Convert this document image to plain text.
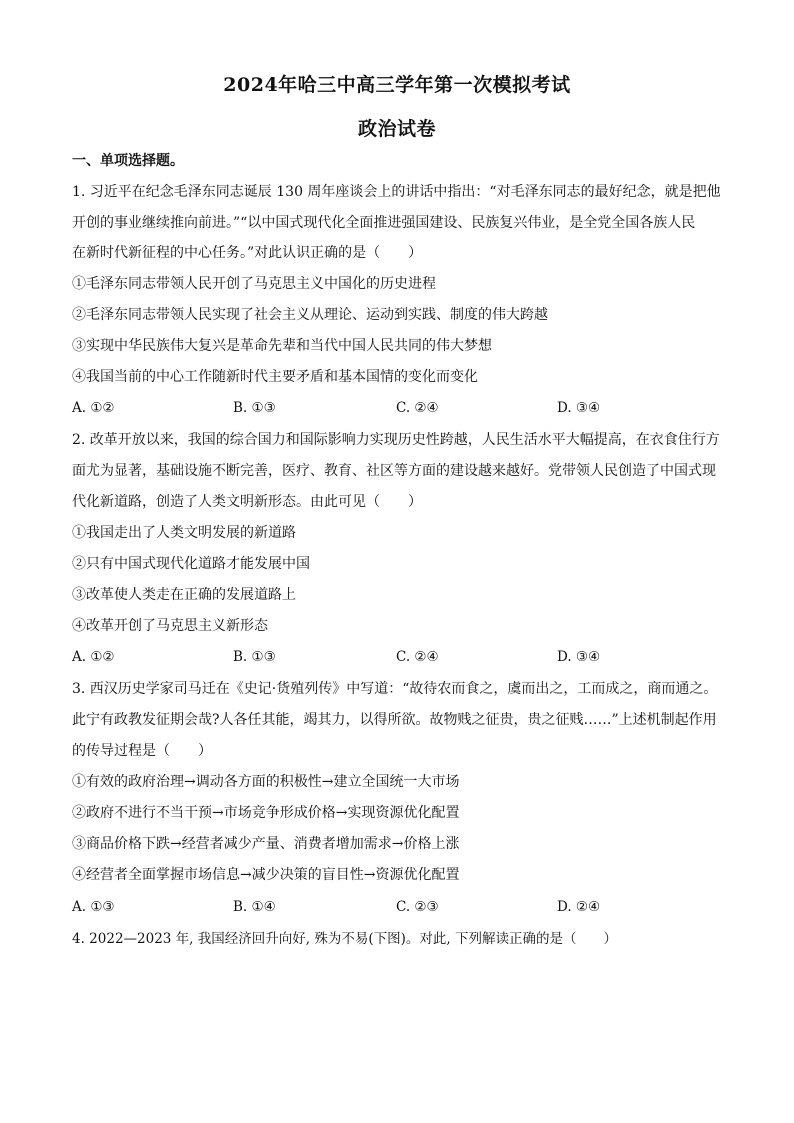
2024年哈三中高三学年第一次模拟考试
政治试卷
一、单项选择题。
1. 习近平在纪念毛泽东同志诞辰 130 周年座谈会上的讲话中指出：“对毛泽东同志的最好纪念，就是把他
开创的事业继续推向前进。”“以中国式现代化全面推进强国建设、民族复兴伟业，是全党全国各族人民
在新时代新征程的中心任务。”对此认识正确的是（　　）
①毛泽东同志带领人民开创了马克思主义中国化的历史进程
②毛泽东同志带领人民实现了社会主义从理论、运动到实践、制度的伟大跨越
③实现中华民族伟大复兴是革命先辈和当代中国人民共同的伟大梦想
④我国当前的中心工作随新时代主要矛盾和基本国情的变化而变化
A. ①②	B. ①③	C. ②④	D. ③④
2. 改革开放以来，我国的综合国力和国际影响力实现历史性跨越，人民生活水平大幅提高，在衣食住行方
面尤为显著，基础设施不断完善，医疗、教育、社区等方面的建设越来越好。党带领人民创造了中国式现
代化新道路，创造了人类文明新形态。由此可见（　　）
①我国走出了人类文明发展的新道路
②只有中国式现代化道路才能发展中国
③改革使人类走在正确的发展道路上
④改革开创了马克思主义新形态
A. ①②	B. ①③	C. ②④	D. ③④
3. 西汉历史学家司马迁在《史记·货殖列传》中写道：“故待农而食之，虞而出之，工而成之，商而通之。
此宁有政教发征期会哉?人各任其能，竭其力，以得所欲。故物贱之征贵，贵之征贱……”上述机制起作用
的传导过程是（　　）
①有效的政府治理→调动各方面的积极性→建立全国统一大市场
②政府不进行不当干预→市场竞争形成价格→实现资源优化配置
③商品价格下跌→经营者减少产量、消费者增加需求→价格上涨
④经营者全面掌握市场信息→减少决策的盲目性→资源优化配置
A. ①③	B. ①④	C. ②③	D. ②④
4. 2022—2023 年, 我国经济回升向好, 殊为不易(下图)。对此, 下列解读正确的是（　　）
